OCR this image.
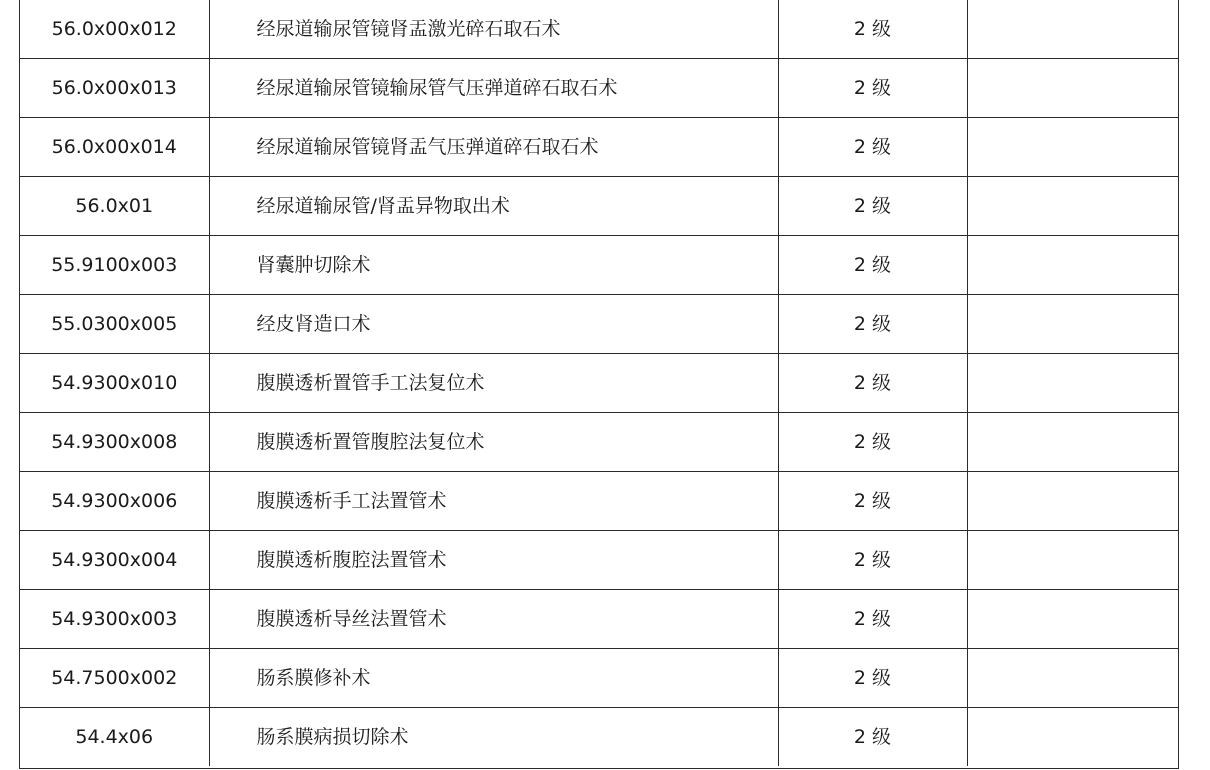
56.0x00x012	经尿道输尿管镜肾盂激光碎石取石术	2 级	
56.0x00x013	经尿道输尿管镜输尿管气压弹道碎石取石术	2 级	
56.0x00x014	经尿道输尿管镜肾盂气压弹道碎石取石术	2 级	
56.0x01	经尿道输尿管/肾盂异物取出术	2 级	
55.9100x003	肾囊肿切除术	2 级	
55.0300x005	经皮肾造口术	2 级	
54.9300x010	腹膜透析置管手工法复位术	2 级	
54.9300x008	腹膜透析置管腹腔法复位术	2 级	
54.9300x006	腹膜透析手工法置管术	2 级	
54.9300x004	腹膜透析腹腔法置管术	2 级	
54.9300x003	腹膜透析导丝法置管术	2 级	
54.7500x002	肠系膜修补术	2 级	
54.4x06	肠系膜病损切除术	2 级	
